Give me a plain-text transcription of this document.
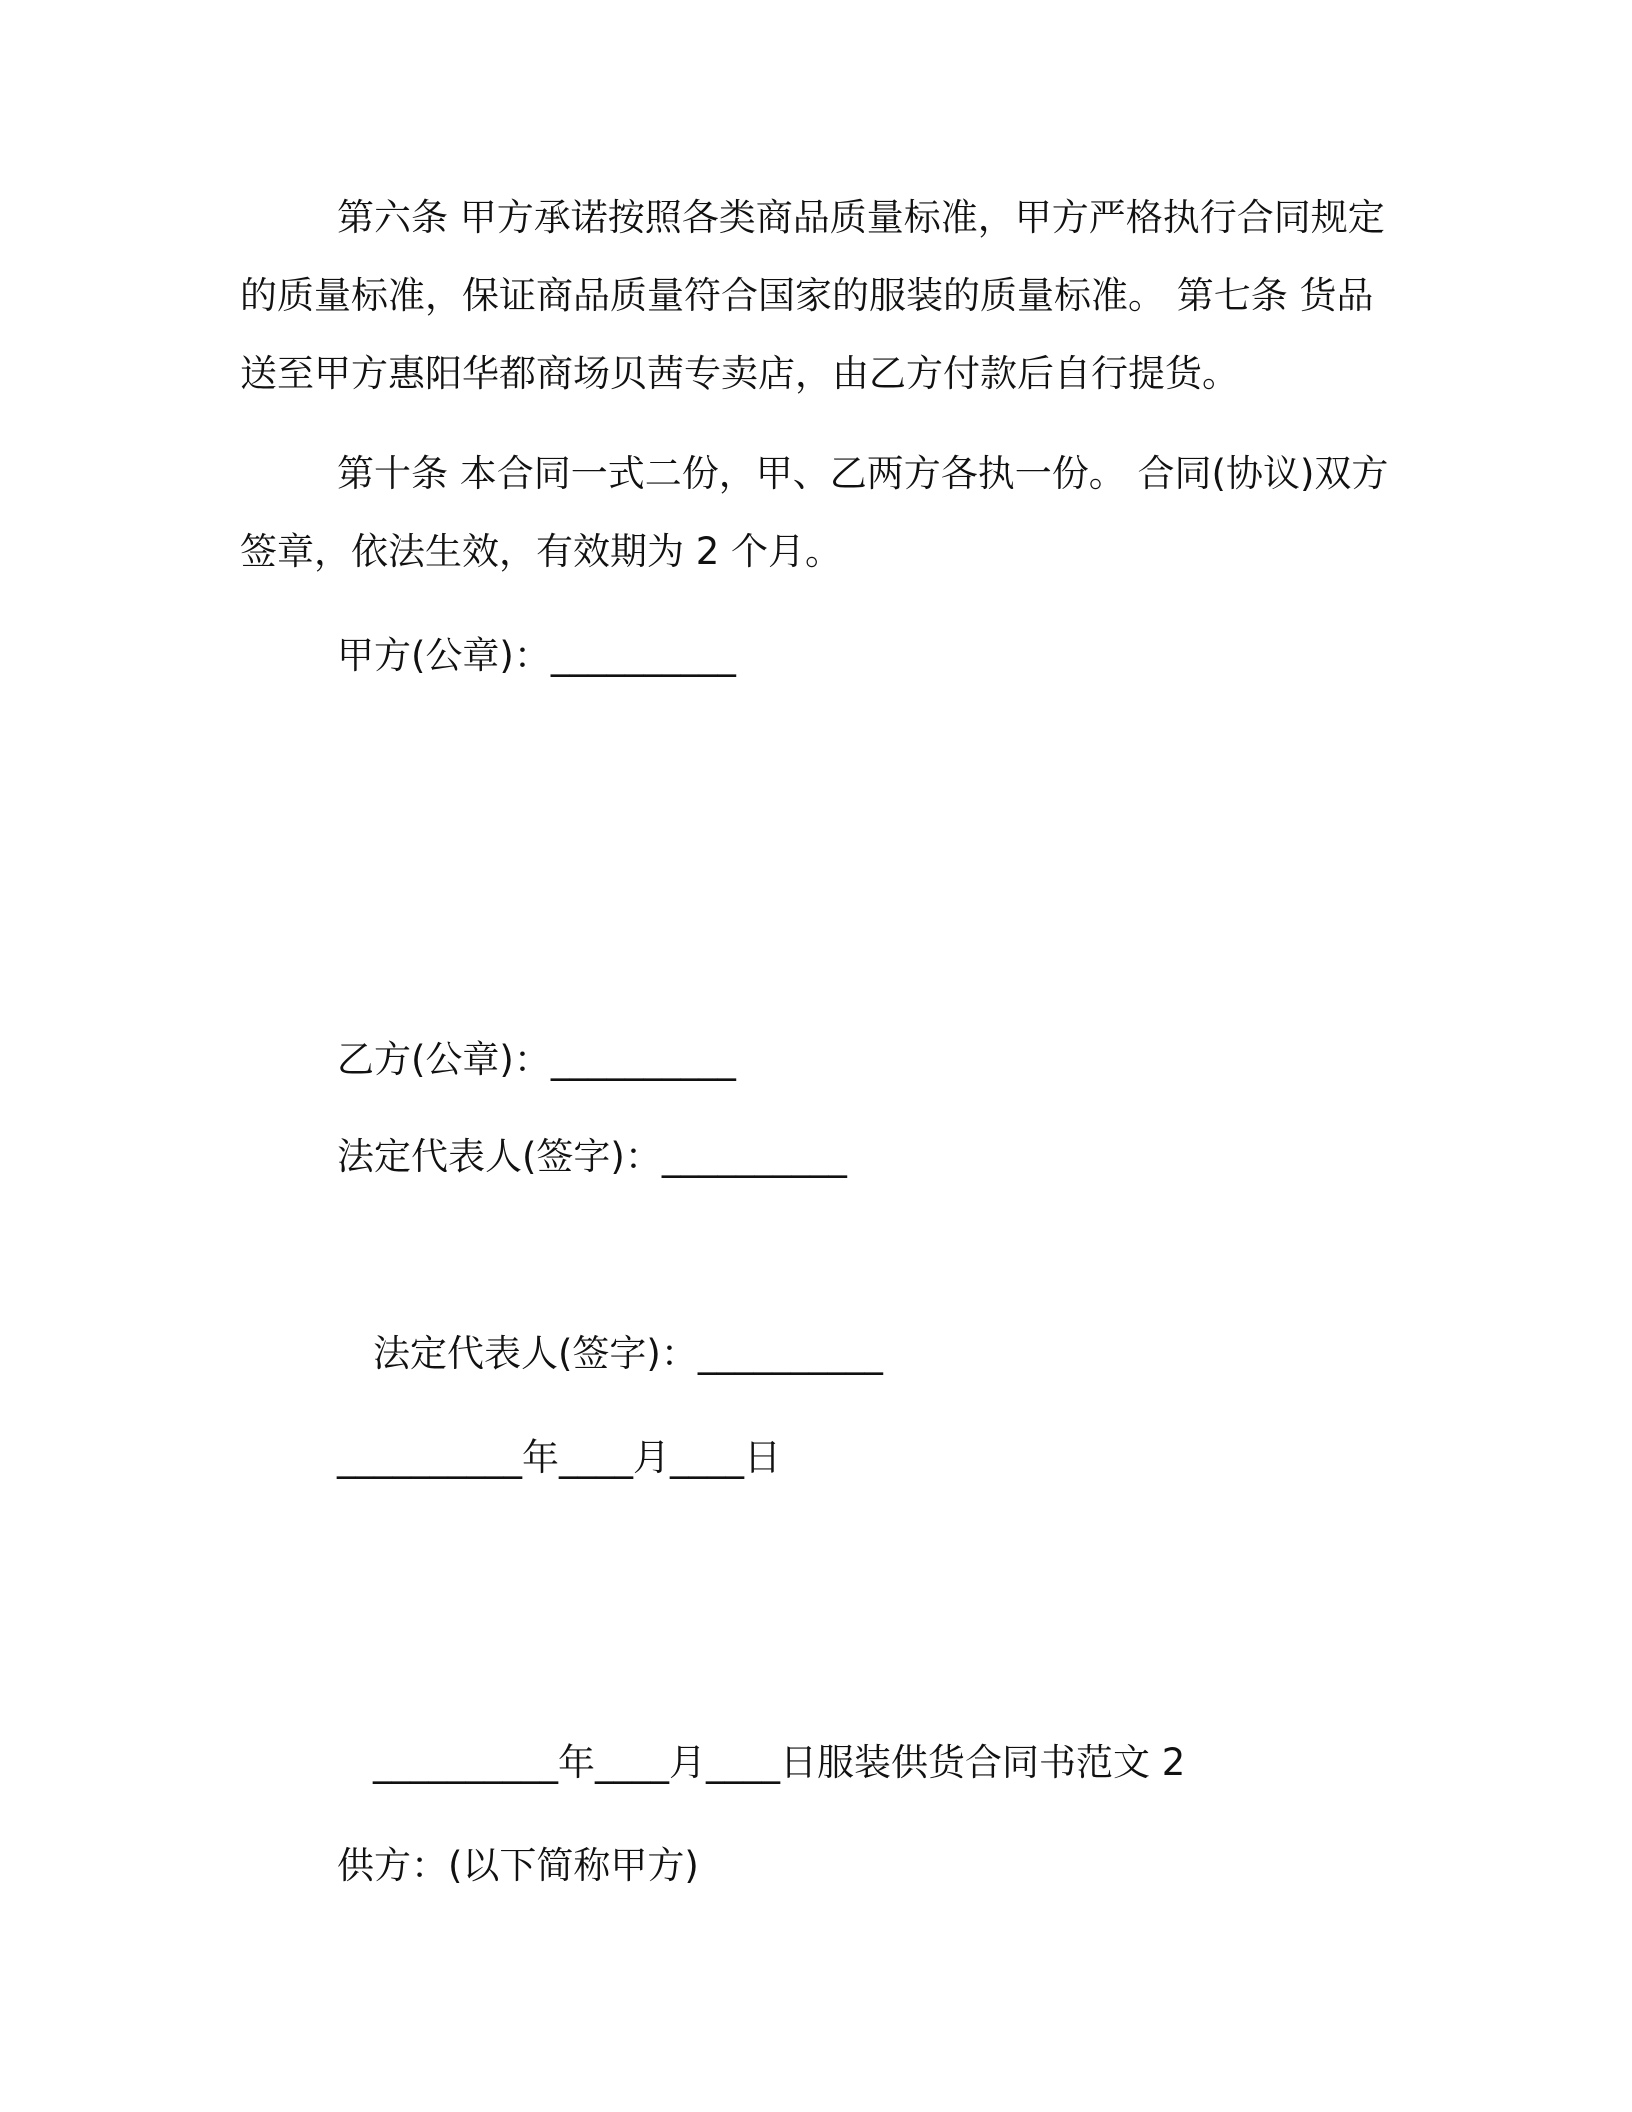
第六条 甲方承诺按照各类商品质量标准，甲方严格执行合同规定
的质量标准，保证商品质量符合国家的服装的质量标准。 第七条 货品
送至甲方惠阳华都商场贝茜专卖店，由乙方付款后自行提货。
第十条 本合同一式二份，甲、乙两方各执一份。 合同(协议)双方
签章，依法生效，有效期为 2 个月。
甲方(公章)：__________
乙方(公章)：__________
法定代表人(签字)：__________
法定代表人(签字)：__________
__________年____月____日
__________年____月____日服装供货合同书范文 2
供方：(以下简称甲方)
